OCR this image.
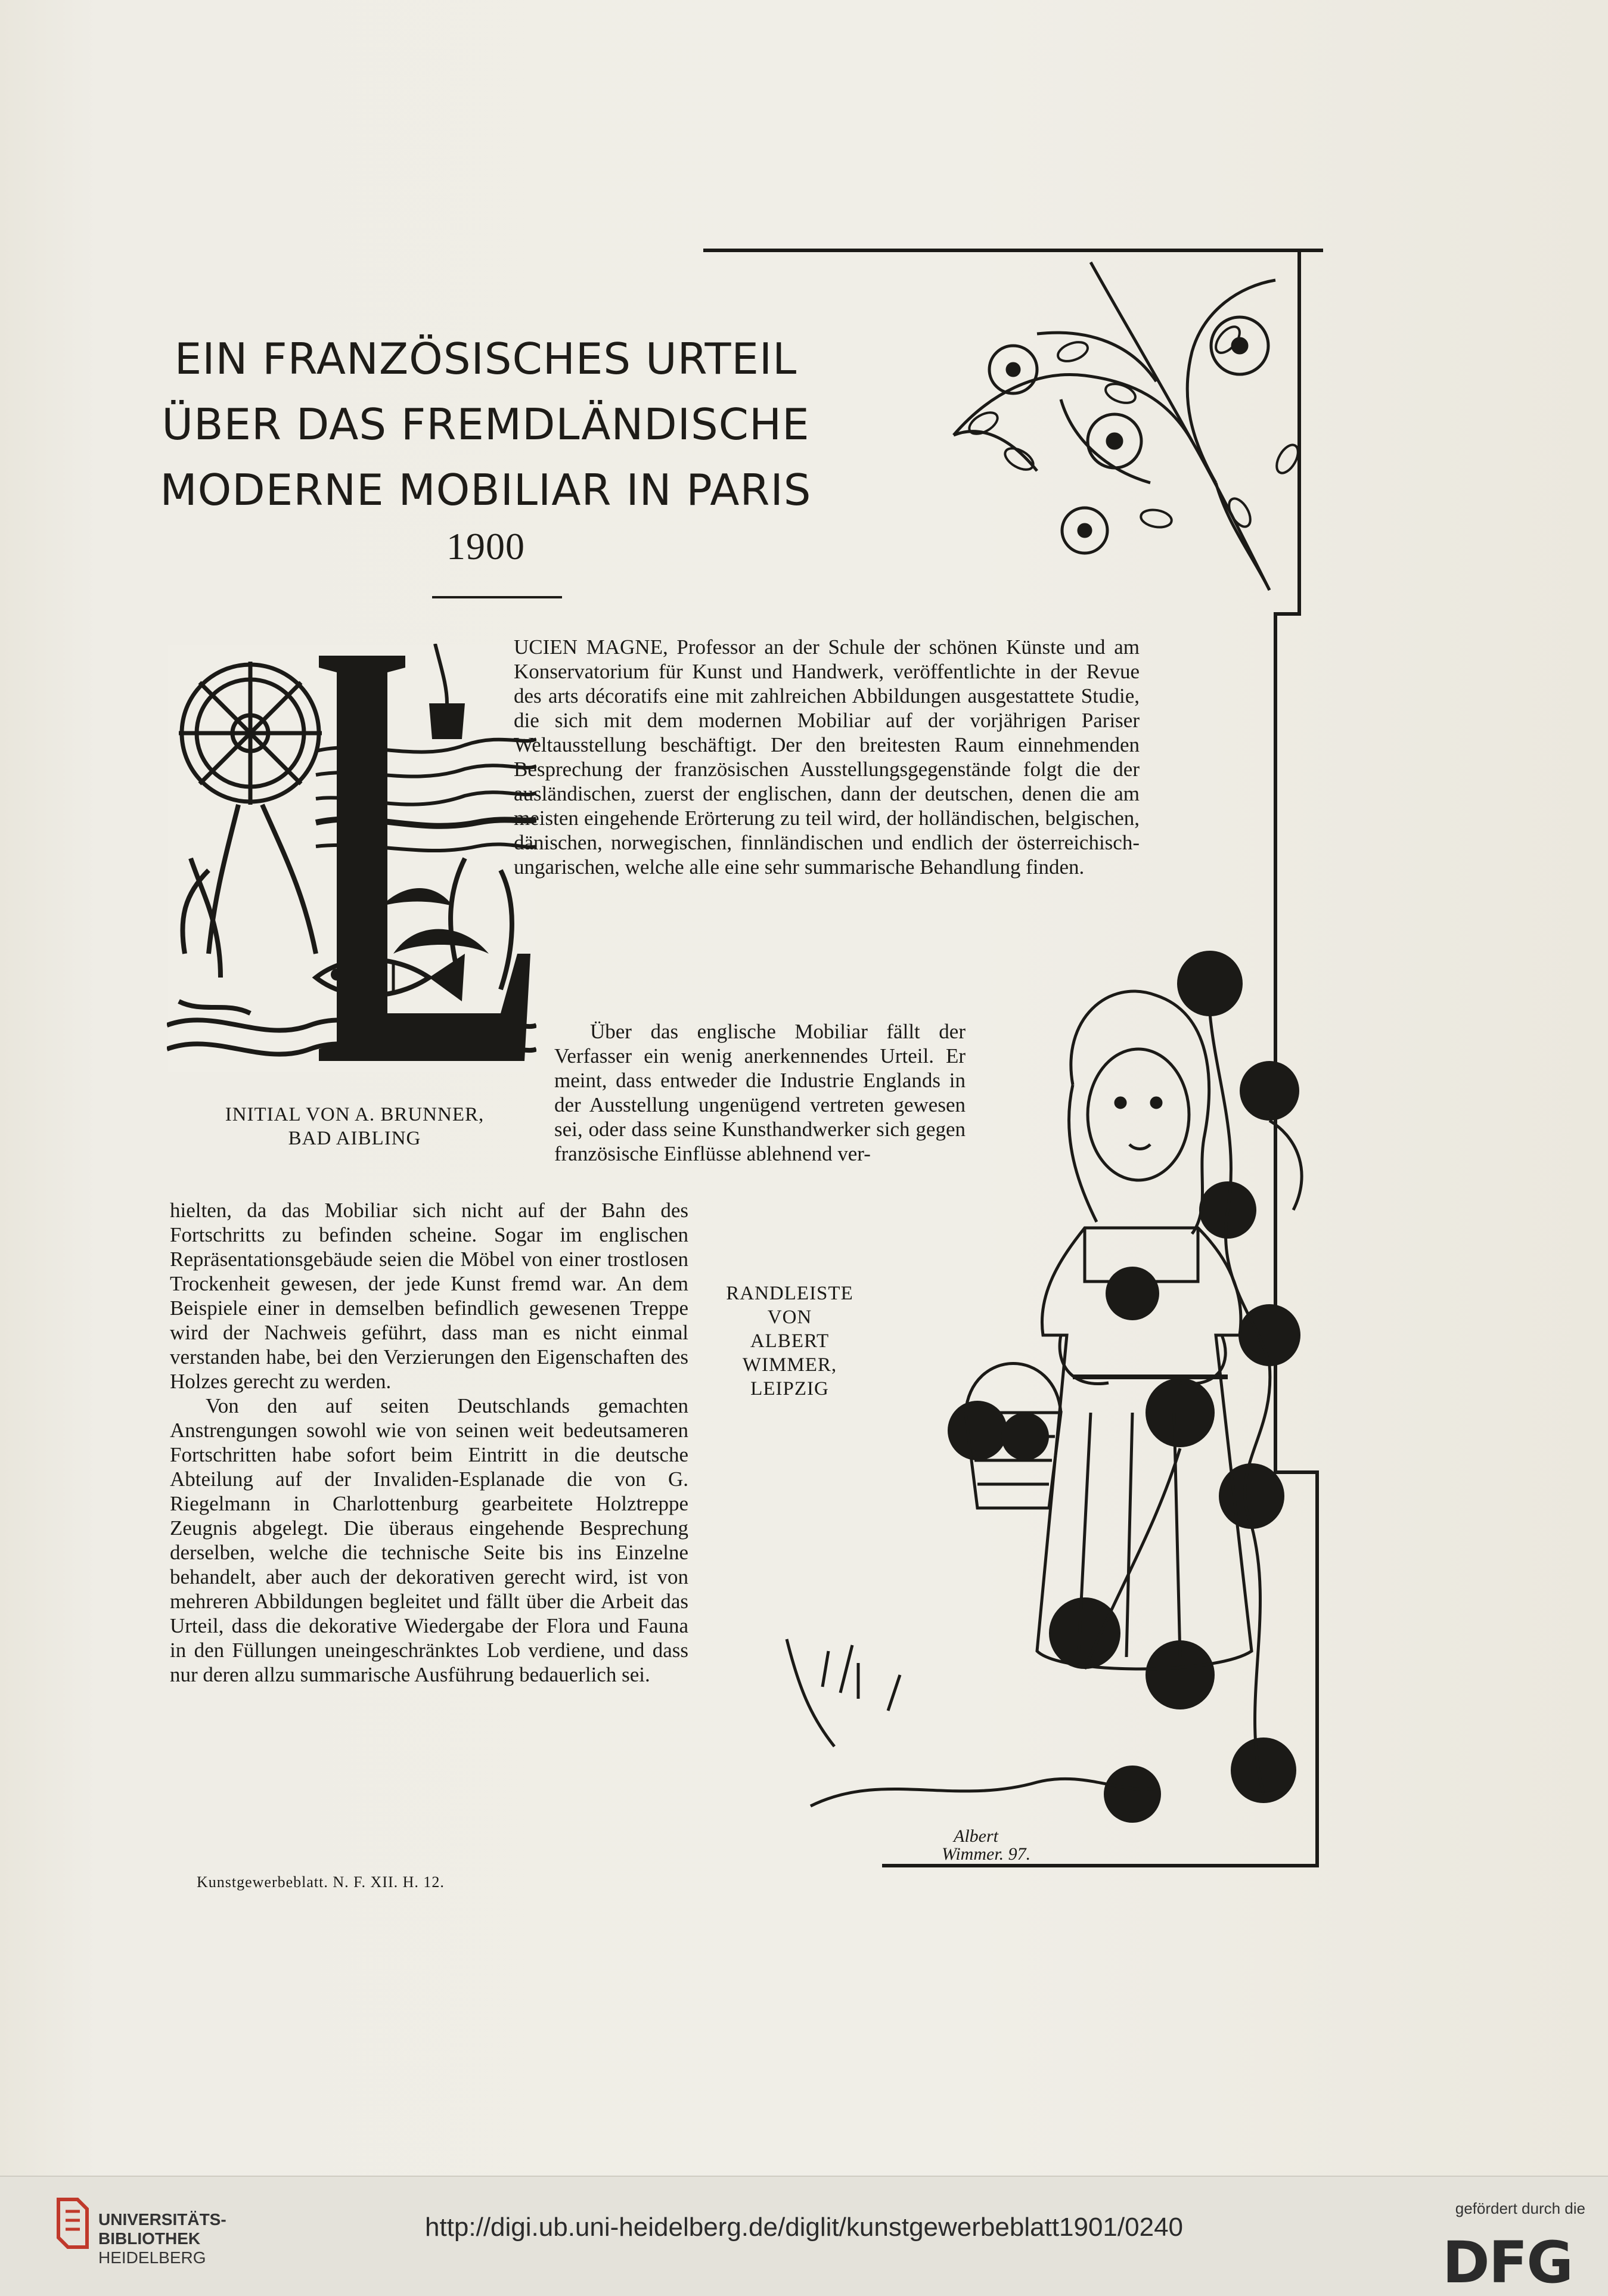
EIN FRANZÖSISCHES URTEIL
ÜBER DAS FREMDLÄNDISCHE
MODERNE MOBILIAR IN PARIS
1900
INITIAL VON A. BRUNNER,
BAD AIBLING

UCIEN MAGNE, Professor an der Schule der schönen Künste und am Konservatorium für Kunst und Handwerk, veröffentlichte in der Revue des arts décoratifs eine mit zahlreichen Abbildungen ausgestattete Studie, die sich mit dem modernen Mobiliar auf der vorjährigen Pariser Weltausstellung beschäftigt. Der den breitesten Raum einnehmenden Besprechung der französischen Ausstellungsgegenstände folgt die der ausländischen, zuerst der englischen, dann der deutschen, denen die am meisten eingehende Erörterung zu teil wird, der holländischen, belgischen, dänischen, norwegischen, finnländischen und endlich der österreichisch-ungarischen, welche alle eine sehr summarische Behandlung finden.

Über das englische Mobiliar fällt der Verfasser ein wenig anerkennendes Urteil. Er meint, dass entweder die Industrie Englands in der Ausstellung ungenügend vertreten gewesen sei, oder dass seine Kunsthandwerker sich gegen französische Einflüsse ablehnend ver-

hielten, da das Mobiliar sich nicht auf der Bahn des Fortschritts zu befinden scheine. Sogar im englischen Repräsentationsgebäude seien die Möbel von einer trostlosen Trockenheit gewesen, der jede Kunst fremd war. An dem Beispiele einer in demselben befindlich gewesenen Treppe wird der Nachweis geführt, dass man es nicht einmal verstanden habe, bei den Verzierungen den Eigenschaften des Holzes gerecht zu werden.

Von den auf seiten Deutschlands gemachten Anstrengungen sowohl wie von seinen weit bedeutsameren Fortschritten habe sofort beim Eintritt in die deutsche Abteilung auf der Invaliden-Esplanade die von G. Riegelmann in Charlottenburg gearbeitete Holztreppe Zeugnis abgelegt. Die überaus eingehende Besprechung derselben, welche die technische Seite bis ins Einzelne behandelt, aber auch der dekorativen gerecht wird, ist von mehreren Abbildungen begleitet und fällt über die Arbeit das Urteil, dass die dekorative Wiedergabe der Flora und Fauna in den Füllungen uneingeschränktes Lob verdiene, und dass nur deren allzu summarische Ausführung bedauerlich sei.

RANDLEISTE
VON
ALBERT
WIMMER,
LEIPZIG
Kunstgewerbeblatt. N. F. XII. H. 12.
Albert
Wimmer. 97.
UNIVERSITÄTS-
BIBLIOTHEK
HEIDELBERG
http://digi.ub.uni-heidelberg.de/diglit/kunstgewerbeblatt1901/0240
gefördert durch die
DFG
